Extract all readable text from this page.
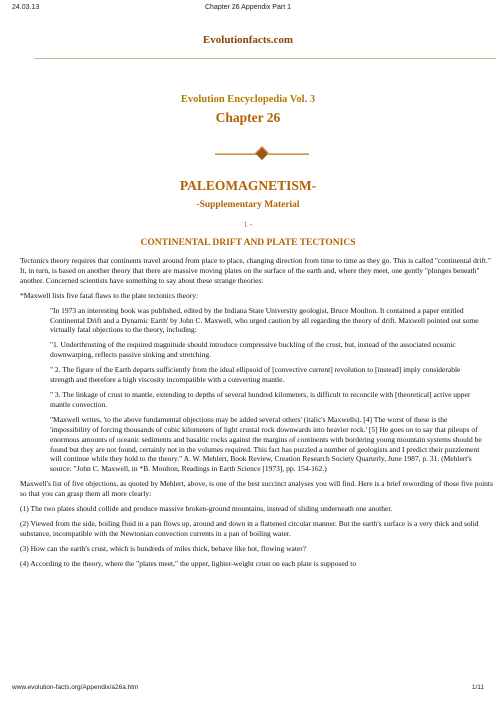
24.03.13	Chapter 26 Appendix Part 1
Evolutionfacts.com
Evolution Encyclopedia Vol. 3
Chapter 26
PALEOMAGNETISM-
-Supplementary Material
1 -
CONTINENTAL DRIFT AND PLATE TECTONICS

Tectonics theory requires that continents travel around from place to place, changing direction from time to time as they go. This is called "continental drift." It, in turn, is based on another theory that there are massive moving plates on the surface of the earth and, where they meet, one gently "plunges beneath" another. Concerned scientists have something to say about these strange theories:

*Maxwell lists five fatal flaws to the plate tectonics theory:

"In 1973 an interesting book was published, edited by the Indiana State University geologist, Bruce Moulton. It contained a paper entitled Continental Drift and a Dynamic Earth' by John C. Maxwell, who urged caution by all regarding the theory of drift. Maxwell pointed out some virtually fatal objections to the theory, including:

"1. Underthrusting of the required magnitude should introduce compressive buckling of the crust, but, instead of the associated oceanic downwarping, reflects passive sinking and stretching.

" 2. The figure of the Earth departs sufficiently from the ideal ellipsoid of [convective current] revolution to [instead] imply considerable strength and therefore a high viscosity incompatible with a converting mantle.

" 3. The linkage of crust to mantle, extending to depths of several hundred kilometers, is difficult to reconcile with [theoretical] active upper mantle convection.

"Maxwell writes, 'to the above fundamental objections may be added several others' (italic's Maxwells). [4] The worst of these is the 'impossibility of forcing thousands of cubic kilometers of light crustal rock downwards into heavier rock.' [5] He goes on to say that pileups of enormous amounts of oceanic sediments and basaltic rocks against the margins of continents with bordering young mountain systems should be found but they are not found, certainly not in the volumes required. This fact has puzzled a number of geologists and I predict their puzzlement will continue while they hold to the theory." A. W. Mehlert, Book Review, Creation Research Society Quarterly, June 1987, p. 31. (Mehlert's source: "John C. Maxwell, in *B. Moulton, Readings in Earth Science [1973], pp. 154-162.)

Maxwell's list of five objections, as quoted by Mehlert, above, is one of the best succinct analyses you will find. Here is a brief rewording of those five points so that you can grasp them all more clearly:

(1) The two plates should collide and produce massive broken-ground mountains, instead of sliding underneath one another.

(2) Viewed from the side, boiling fluid in a pan flows up, around and down in a flattened circular manner. But the earth's surface is a very thick and solid substance, incompatible with the Newtonian convection currents in a pan of boiling water.

(3) How can the earth's crust, which is hundreds of miles thick, behave like hot, flowing water?

(4) According to the theory, where the "plates meet," the upper, lighter-weight crust on each plate is supposed to

www.evolution-facts.org/Appendix/a26a.htm	1/11
